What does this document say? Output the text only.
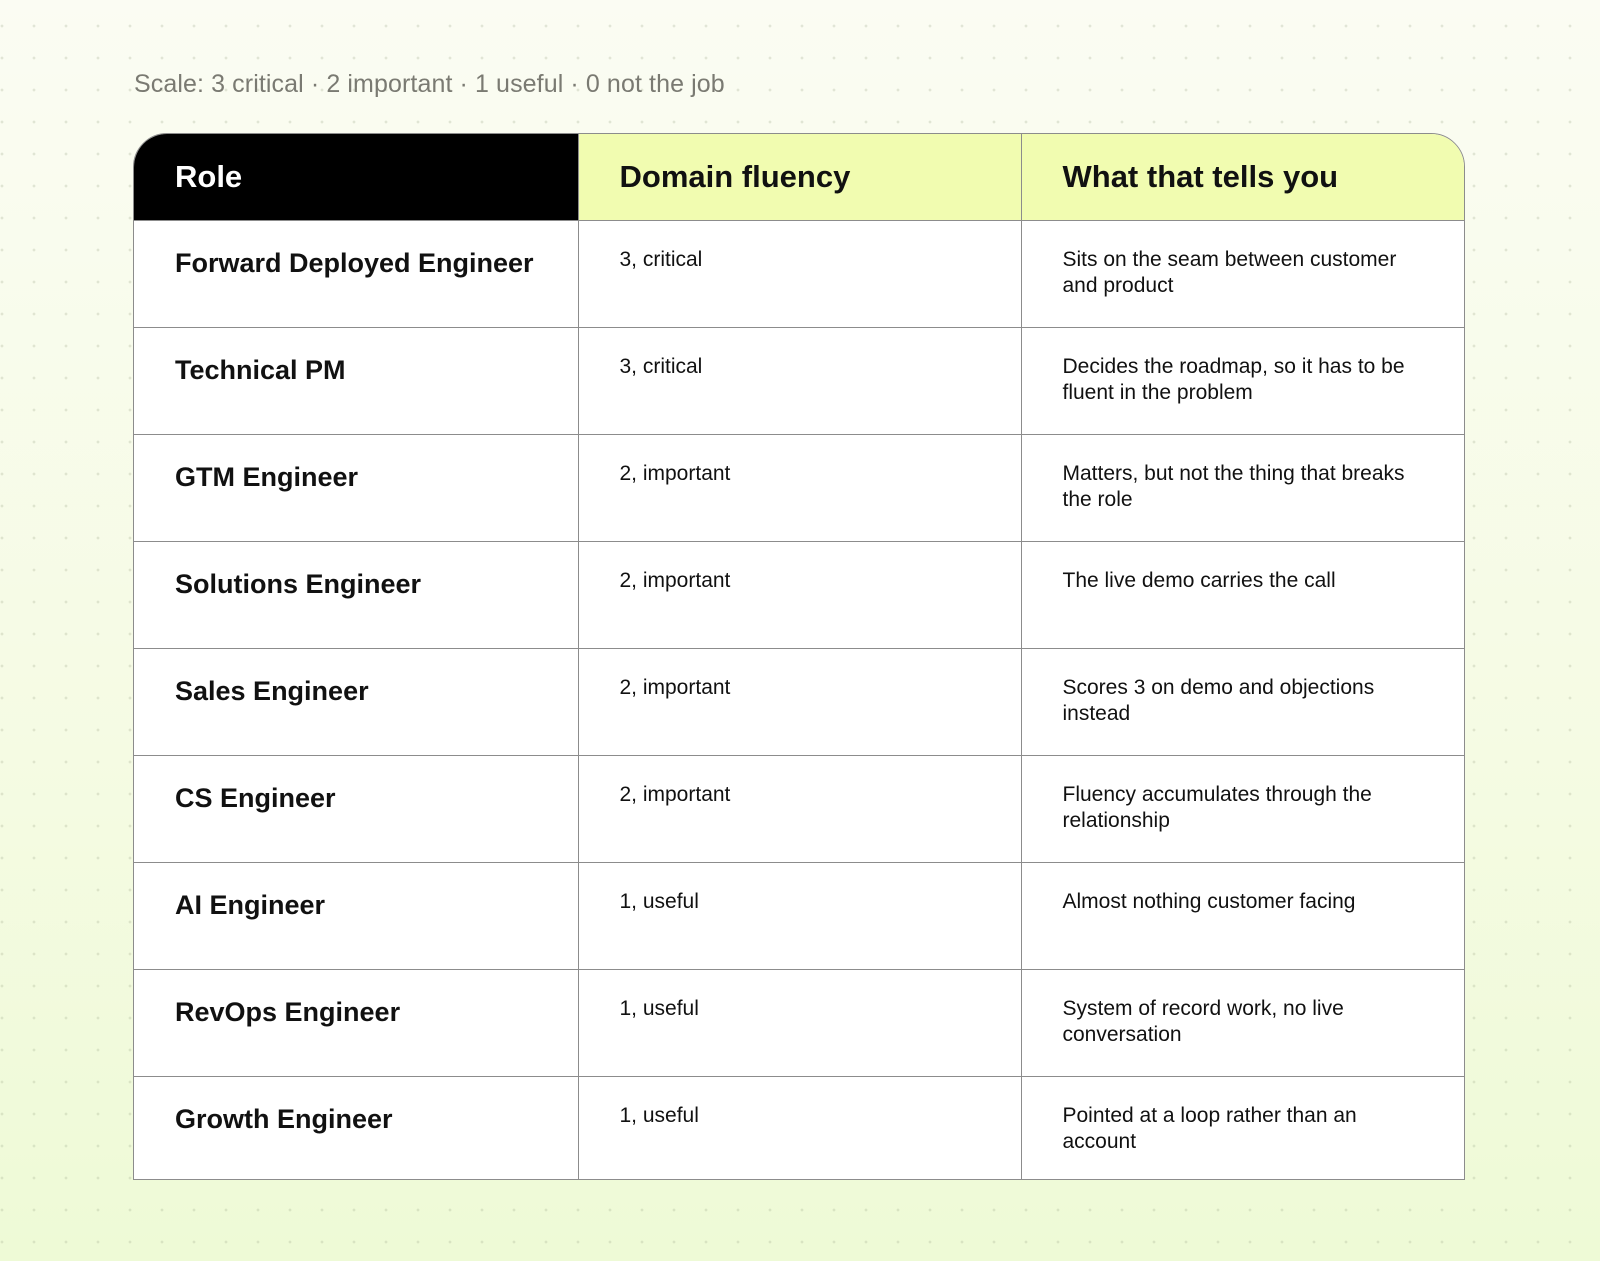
Scale: 3 critical · 2 important · 1 useful · 0 not the job
Role	Domain fluency	What that tells you
Forward Deployed Engineer	3, critical	Sits on the seam between customer and product
Technical PM	3, critical	Decides the roadmap, so it has to be fluent in the problem
GTM Engineer	2, important	Matters, but not the thing that breaks the role
Solutions Engineer	2, important	The live demo carries the call
Sales Engineer	2, important	Scores 3 on demo and objections instead
CS Engineer	2, important	Fluency accumulates through the relationship
AI Engineer	1, useful	Almost nothing customer facing
RevOps Engineer	1, useful	System of record work, no live conversation
Growth Engineer	1, useful	Pointed at a loop rather than an account
